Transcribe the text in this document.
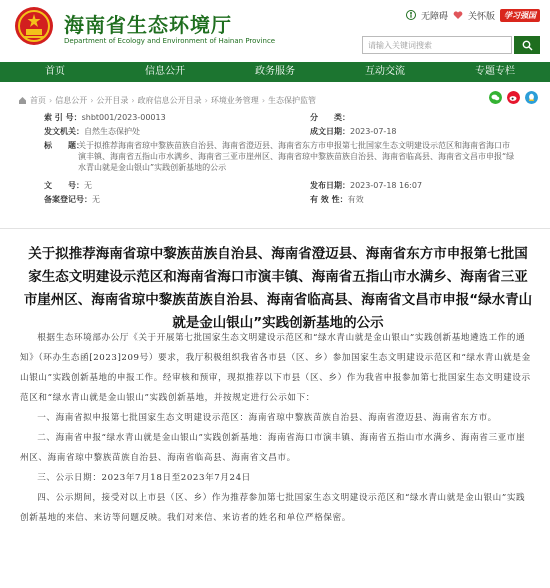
海南省生态环境厅
Department of Ecology and Environment of Hainan Province
无障碍 关怀版	学习强国
请输入关键词搜索
首页	信息公开	政务服务	互动交流	专题专栏
首页 › 信息公开 › 公开目录 › 政府信息公开目录 › 环境业务管理 › 生态保护监管
索 引 号：shbt001/2023-00013	分　　类：
发文机关：自然生态保护处	成文日期：2023-07-18
标　　题：
关于拟推荐海南省琼中黎族苗族自治县、海南省澄迈县、海南省东方市申报第七批国家生态文明建设示范区和海南省海口市演丰镇、海南省五指山市水满乡、海南省三亚市崖州区、海南省琼中黎族苗族自治县、海南省临高县、海南省文昌市申报“绿水青山就是金山银山”实践创新基地的公示
文　　号：无	发布日期：2023-07-18 16:07
备案登记号：无	有 效 性：有效
关于拟推荐海南省琼中黎族苗族自治县、海南省澄迈县、海南省东方市申报第七批国家生态文明建设示范区和海南省海口市演丰镇、海南省五指山市水满乡、海南省三亚市崖州区、海南省琼中黎族苗族自治县、海南省临高县、海南省文昌市申报“绿水青山就是金山银山”实践创新基地的公示

根据生态环境部办公厅《关于开展第七批国家生态文明建设示范区和“绿水青山就是金山银山”实践创新基地遴选工作的通知》（环办生态函[2023]209号）要求，我厅积极组织我省各市县（区、乡）参加国家生态文明建设示范区和“绿水青山就是金山银山”实践创新基地的申报工作。经审核和预审，现拟推荐以下市县（区、乡）作为我省申报参加第七批国家生态文明建设示范区和“绿水青山就是金山银山”实践创新基地，并按规定进行公示如下：

一、海南省拟申报第七批国家生态文明建设示范区：海南省琼中黎族苗族自治县、海南省澄迈县、海南省东方市。

二、海南省申报“绿水青山就是金山银山”实践创新基地：海南省海口市演丰镇、海南省五指山市水满乡、海南省三亚市崖州区、海南省琼中黎族苗族自治县、海南省临高县、海南省文昌市。

三、公示日期：2023年7月18日至2023年7月24日

四、公示期间，接受对以上市县（区、乡）作为推荐参加第七批国家生态文明建设示范区和“绿水青山就是金山银山”实践创新基地的来信、来访等问题反映。我们对来信、来访者的姓名和单位严格保密。
